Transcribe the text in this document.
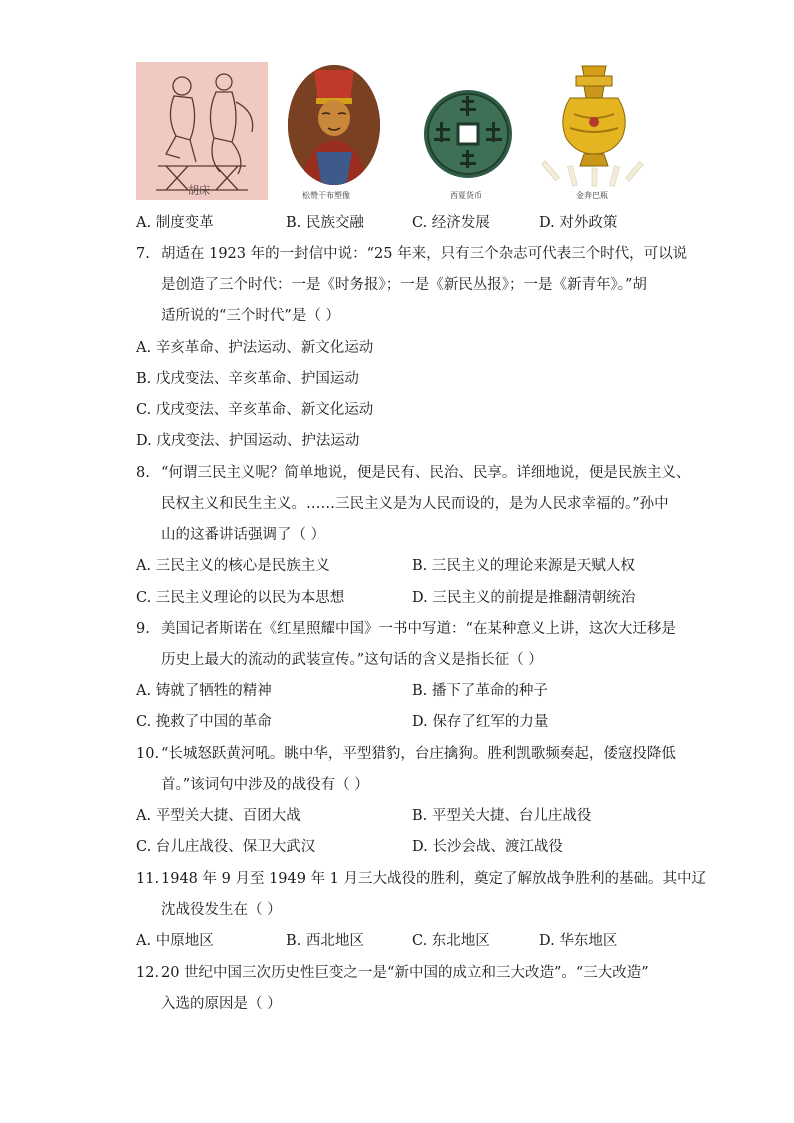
胡床	松赞干布塑像	西夏货币	金奔巴瓶
A. 制度变革	B. 民族交融	C. 经济发展	D. 对外政策
7. 胡适在 1923 年的一封信中说：“25 年来，只有三个杂志可代表三个时代，可以说
是创造了三个时代：一是《时务报》；一是《新民丛报》；一是《新青年》。”胡
适所说的“三个时代”是（ ）
A. 辛亥革命、护法运动、新文化运动
B. 戊戌变法、辛亥革命、护国运动
C. 戊戌变法、辛亥革命、新文化运动
D. 戊戌变法、护国运动、护法运动
8. “何谓三民主义呢？简单地说，便是民有、民治、民享。详细地说，便是民族主义、
民权主义和民生主义。……三民主义是为人民而设的，是为人民求幸福的。”孙中
山的这番讲话强调了（ ）
A. 三民主义的核心是民族主义	B. 三民主义的理论来源是天赋人权
C. 三民主义理论的以民为本思想	D. 三民主义的前提是推翻清朝统治
9. 美国记者斯诺在《红星照耀中国》一书中写道：“在某种意义上讲，这次大迁移是
历史上最大的流动的武装宣传。”这句话的含义是指长征（ ）
A. 铸就了牺牲的精神	B. 播下了革命的种子
C. 挽救了中国的革命	D. 保存了红军的力量
10. “长城怒跃黄河吼。眺中华，平型猎豹，台庄擒狗。胜利凯歌频奏起，倭寇投降低
首。”该词句中涉及的战役有（ ）
A. 平型关大捷、百团大战	B. 平型关大捷、台儿庄战役
C. 台儿庄战役、保卫大武汉	D. 长沙会战、渡江战役
11. 1948 年 9 月至 1949 年 1 月三大战役的胜利，奠定了解放战争胜利的基础。其中辽
沈战役发生在（ ）
A. 中原地区	B. 西北地区	C. 东北地区	D. 华东地区
12. 20 世纪中国三次历史性巨变之一是“新中国的成立和三大改造”。“三大改造”
入选的原因是（ ）
